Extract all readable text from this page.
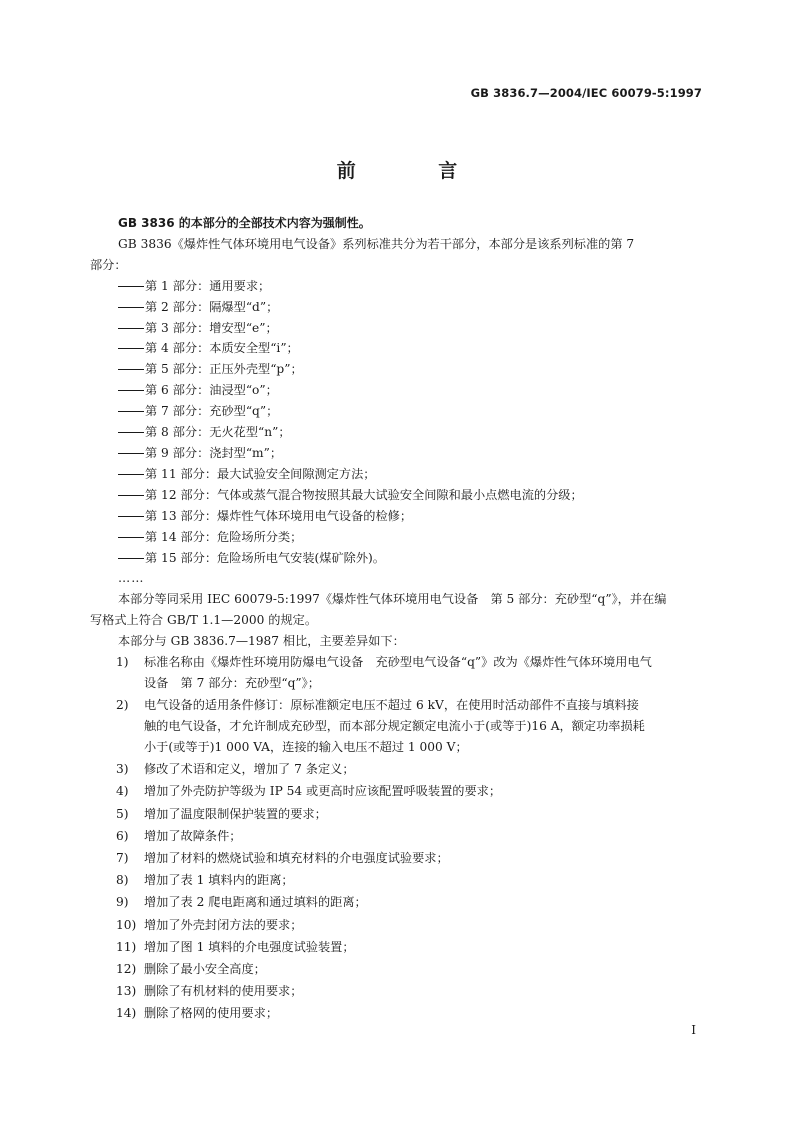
GB 3836.7—2004/IEC 60079-5:1997
前 言

GB 3836 的本部分的全部技术内容为强制性。

GB 3836《爆炸性气体环境用电气设备》系列标准共分为若干部分，本部分是该系列标准的第 7

部分：

第 1 部分：通用要求；

第 2 部分：隔爆型“d”；

第 3 部分：增安型“e”；

第 4 部分：本质安全型“i”；

第 5 部分：正压外壳型“p”；

第 6 部分：油浸型“o”；

第 7 部分：充砂型“q”；

第 8 部分：无火花型“n”；

第 9 部分：浇封型“m”；

第 11 部分：最大试验安全间隙测定方法；

第 12 部分：气体或蒸气混合物按照其最大试验安全间隙和最小点燃电流的分级；

第 13 部分：爆炸性气体环境用电气设备的检修；

第 14 部分：危险场所分类；

第 15 部分：危险场所电气安装(煤矿除外)。

……

本部分等同采用 IEC 60079-5:1997《爆炸性气体环境用电气设备　第 5 部分：充砂型“q”》，并在编

写格式上符合 GB/T 1.1—2000 的规定。

本部分与 GB 3836.7—1987 相比，主要差异如下：

1) 标准名称由《爆炸性环境用防爆电气设备　充砂型电气设备“q”》改为《爆炸性气体环境用电气
设备　第 7 部分：充砂型“q”》；
2) 电气设备的适用条件修订：原标准额定电压不超过 6 kV，在使用时活动部件不直接与填料接
触的电气设备，才允许制成充砂型，而本部分规定额定电流小于(或等于)16 A，额定功率损耗
小于(或等于)1 000 VA，连接的输入电压不超过 1 000 V；
3) 修改了术语和定义，增加了 7 条定义；
4) 增加了外壳防护等级为 IP 54 或更高时应该配置呼吸装置的要求；
5) 增加了温度限制保护装置的要求；
6) 增加了故障条件；
7) 增加了材料的燃烧试验和填充材料的介电强度试验要求；
8) 增加了表 1 填料内的距离；
9) 增加了表 2 爬电距离和通过填料的距离；
10) 增加了外壳封闭方法的要求；
11) 增加了图 1 填料的介电强度试验装置；
12) 删除了最小安全高度；
13) 删除了有机材料的使用要求；
14) 删除了格网的使用要求；
I
